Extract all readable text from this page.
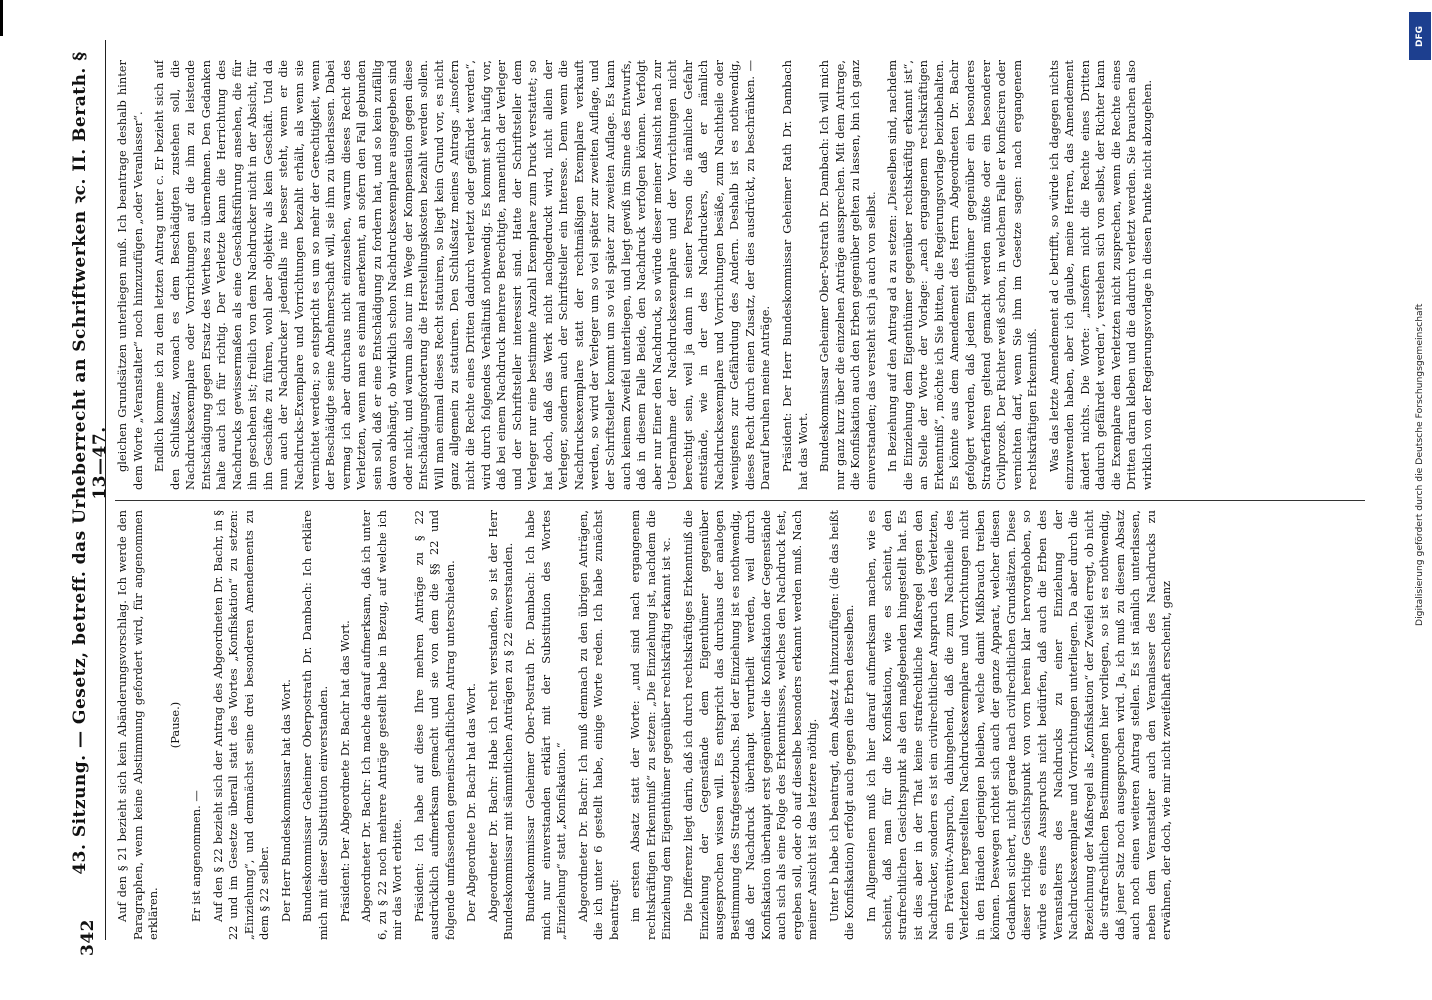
342
43. Sitzung. — Gesetz, betreff. das Urheberrecht an Schriftwerken ꝛc. II. Berath. § 13—47.

Auf den § 21 bezieht sich kein Abänderungsvorschlag. Ich werde den Paragraphen, wenn keine Abstimmung gefordert wird, für angenommen erklären.

(Pause.)

Er ist angenommen. — Auf den § 22 bezieht sich der Antrag des Abgeordneten Dr. Bachr, in § 22 und im Gesetze überall statt des Wortes „Konfiskation“ zu setzen: „Einziehung“, und demnächst seine drei besonderen Amendements zu dem § 22 selber. Der Herr Bundeskommissar hat das Wort. Bundeskommissar Geheimer Oberpostrath Dr. Dambach: Ich erkläre mich mit dieser Substitution einverstanden. Präsident: Der Abgeordnete Dr. Bachr hat das Wort. Abgeordneter Dr. Bachr: Ich mache darauf aufmerksam, daß ich unter 6, zu § 22 noch mehrere Anträge gestellt habe in Bezug, auf welche ich mir das Wort erbitte. Präsident: Ich habe auf diese Ihre mehren Anträge zu § 22 ausdrücklich aufmerksam gemacht und sie von dem die §§ 22 und folgende umfassenden gemeinschaftlichen Antrag unterschieden. Der Abgeordnete Dr. Bachr hat das Wort. Abgeordneter Dr. Bachr: Habe ich recht verstanden, so ist der Herr Bundeskommissar mit sämmtlichen Anträgen zu § 22 einverstanden. Bundeskommissar Geheimer Ober-Postrath Dr. Dambach: Ich habe mich nur einverstanden erklärt mit der Substitution des Wortes „Einziehung“ statt „Konfiskation.“ Abgeordneter Dr. Bachr: Ich muß demnach zu den übrigen Anträgen, die ich unter 6 gestellt habe, einige Worte reden. Ich habe zunächst beantragt: im ersten Absatz statt der Worte: „und sind nach ergangenem rechtskräftigen Erkenntniß“ zu setzen: „Die Einziehung ist, nachdem die Einziehung dem Eigenthümer gegenüber rechtskräftig erkannt ist ꝛc. Die Differenz liegt darin, daß ich durch rechtskräftiges Erkenntniß die Einziehung der Gegenstände dem Eigenthümer gegenüber ausgesprochen wissen will. Es entspricht das durchaus der analogen Bestimmung des Strafgesetzbuchs. Bei der Einziehung ist es nothwendig, daß der Nachdruck überhaupt verurtheilt werden, weil durch Konfiskation überhaupt erst gegenüber die Konfiskation der Gegenstände auch sich als eine Folge des Erkenntnisses, welches den Nachdruck fest, ergeben soll, oder ob auf dieselbe besonders erkannt werden muß. Nach meiner Ansicht ist das letztere nöthig. Unter b habe ich beantragt, dem Absatz 4 hinzuzufügen: (die das heißt die Konfiskation) erfolgt auch gegen die Erben desselben. Im Allgemeinen muß ich hier darauf aufmerksam machen, wie es scheint, daß man für die Konfiskation, wie es scheint, den strafrechtlichen Gesichtspunkt als den maßgebenden hingestellt hat. Es ist dies aber in der That keine strafrechtliche Maßregel gegen den Nachdrucker, sondern es ist ein civilrechtlicher Anspruch des Verletzten, ein Präventiv-Anspruch, dahingehend, daß die zum Nachtheile des Verletzten hergestellten Nachdrucksexemplare und Vorrichtungen nicht in den Händen derjenigen bleiben, welche damit Mißbrauch treiben können. Deswegen richtet sich auch der ganze Apparat, welcher diesen Gedanken sichert, nicht gerade nach civilrechtlichen Grundsätzen. Diese dieser richtige Gesichtspunkt von vorn herein klar hervorgehoben, so würde es eines Ausspruchs nicht bedürfen, daß auch die Erben des Veranstalters des Nachdrucks zu einer Einziehung der Nachdrucksexemplare und Vorrichtungen unterliegen. Da aber durch die Bezeichnung der Maßregel als „Konfiskation“ der Zweifel erregt, ob nicht die strafrechtlichen Bestimmungen hier vorliegen, so ist es nothwendig, daß jener Satz noch ausgesprochen wird. Ja, ich muß zu diesem Absatz auch noch einen weiteren Antrag stellen. Es ist nämlich unterlassen, neben dem Veranstalter auch den Veranlasser des Nachdrucks zu erwähnen, der doch, wie mir nicht zweifelhaft erscheint, ganz

gleichen Grundsätzen unterliegen muß. Ich beantrage deshalb hinter dem Worte „Veranstalter“ noch hinzuzufügen „oder Veranlasser“. Endlich komme ich zu dem letzten Antrag unter c. Er bezieht sich auf den Schlußsatz, wonach es dem Beschädigten zustehen soll, die Nachdrucksexemplare oder Vorrichtungen auf die ihm zu leistende Entschädigung gegen Ersatz des Werthes zu übernehmen. Den Gedanken halte auch ich für richtig. Der Verletzte kann die Herrichtung des Nachdrucks gewissermaßen als eine Geschäftsführung ansehen, die für ihn geschehen ist; freilich von dem Nachdrucker nicht in der Absicht, für ihn Geschäfte zu führen, wohl aber objektiv als kein Geschäft. Und da nun auch der Nachdrucker jedenfalls nie besser steht, wenn er die Nachdrucks-Exemplare und Vorrichtungen bezahlt erhält, als wenn sie vernichtet werden; so entspricht es um so mehr der Gerechtigkeit, wenn der Beschädigte seine Abnehmerschaft will, sie ihm zu überlassen. Dabei vermag ich aber durchaus nicht einzusehen, warum dieses Recht des Verletzten, wenn man es einmal anerkennt, an sofern den Fall gebunden sein soll, daß er eine Entschädigung zu fordern hat, und so kein zufällig davon abhängt, ob wirklich schon Nachdrucksexemplare ausgegeben sind oder nicht, und warum also nur im Wege der Kompensation gegen diese Entschädigungsforderung die Herstellungskosten bezahlt werden sollen. Will man einmal dieses Recht statuiren, so liegt kein Grund vor, es nicht ganz allgemein zu statuiren. Den Schlußsatz meines Antrags „insofern nicht die Rechte eines Dritten dadurch verletzt oder gefährdet werden“, wird durch folgendes Verhältniß nothwendig. Es kommt sehr häufig vor, daß bei einem Nachdruck mehrere Berechtigte, namentlich der Verleger und der Schriftsteller interessirt sind. Hatte der Schriftsteller dem Verleger nur eine bestimmte Anzahl Exemplare zum Druck verstattet; so hat doch, daß das Werk nicht nachgedruckt wird, nicht allein der Verleger, sondern auch der Schriftsteller ein Interesse. Denn wenn die Nachdrucksexemplare statt der rechtmäßigen Exemplare verkauft werden, so wird der Verleger um so viel später zur zweiten Auflage, und der Schriftsteller kommt um so viel später zur zweiten Auflage. Es kann auch keinem Zweifel unterliegen, und liegt gewiß im Sinne des Entwurfs, daß in diesem Falle Beide, den Nachdruck verfolgen können. Verfolgt aber nur Einer den Nachdruck, so würde dieser meiner Ansicht nach zur Uebernahme der Nachdrucksexemplare und der Vorrichtungen nicht berechtigt sein, weil ja dann in seiner Person die nämliche Gefahr entstände, wie in der des Nachdruckers, daß er nämlich Nachdrucksexemplare und Vorrichtungen besäße, zum Nachtheile oder wenigstens zur Gefährdung des Andern. Deshalb ist es nothwendig, dieses Recht durch einen Zusatz, der dies ausdrückt, zu beschränken. — Darauf beruhen meine Anträge. Präsident: Der Herr Bundeskommissar Geheimer Rath Dr. Dambach hat das Wort. Bundeskommissar Geheimer Ober-Postrath Dr. Dambach: Ich will mich nur ganz kurz über die einzelnen Anträge aussprechen. Mit dem Antrage, die Konfiskation auch den Erben gegenüber gelten zu lassen, bin ich ganz einverstanden; das versteht sich ja auch von selbst. In Beziehung auf den Antrag ad a zu setzen: „Dieselben sind, nachdem die Einziehung dem Eigenthümer gegenüber rechtskräftig erkannt ist“, an Stelle der Worte der Vorlage: „nach ergangenem rechtskräftigen Erkenntniß“, möchte ich Sie bitten, die Regierungsvorlage beizubehalten. Es könnte aus dem Amendement des Herrn Abgeordneten Dr. Bachr gefolgert werden, daß jedem Eigenthümer gegenüber ein besonderes Strafverfahren geltend gemacht werden müßte oder ein besonderer Civilprozeß. Der Richter weiß schon, in welchem Falle er konfisciren oder vernichten darf, wenn Sie ihm im Gesetze sagen: nach ergangenem rechtskräftigen Erkenntniß. Was das letzte Amendement ad c betrifft, so würde ich dagegen nichts einzuwenden haben, aber ich glaube, meine Herren, das Amendement ändert nichts. Die Worte: „insofern nicht die Rechte eines Dritten dadurch gefährdet werden“, verstehen sich von selbst, der Richter kann die Exemplare dem Verletzten nicht zusprechen, wenn die Rechte eines Dritten daran kleben und die dadurch verletzt werden. Sie brauchen also wirklich von der Regierungsvorlage in diesen Punkte nicht abzugehen.

DFG
Digitalisierung gefördert durch die Deutsche Forschungsgemeinschaft
